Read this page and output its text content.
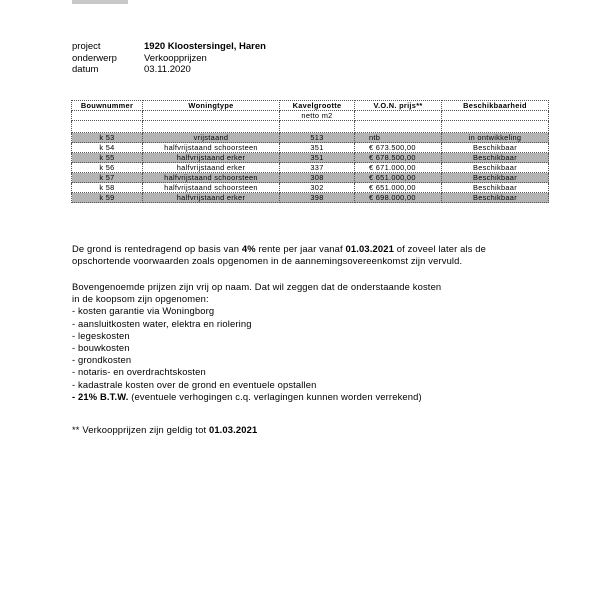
project	1920 Kloostersingel, Haren
onderwerp	Verkoopprijzen
datum	03.11.2020
Bouwnummer	Woningtype	Kavelgrootte	V.O.N. prijs**	Beschikbaarheid
		netto m2		

k 53	vrijstaand	513	ntb	in ontwikkeling
k 54	halfvrijstaand schoorsteen	351	€ 673.500,00	Beschikbaar
k 55	halfvrijstaand erker	351	€ 678.500,00	Beschikbaar
k 56	halfvrijstaand erker	337	€ 671.000,00	Beschikbaar
k 57	halfvrijstaand schoorsteen	308	€ 651.000,00	Beschikbaar
k 58	halfvrijstaand schoorsteen	302	€ 651.000,00	Beschikbaar
k 59	halfvrijstaand erker	398	€ 698.000,00	Beschikbaar
De grond is rentedragend op basis van 4% rente per jaar vanaf 01.03.2021 of zoveel later als de opschortende voorwaarden zoals opgenomen in de aannemingsovereenkomst zijn vervuld.
Bovengenoemde prijzen zijn vrij op naam. Dat wil zeggen dat de onderstaande kosten
in de koopsom zijn opgenomen:
- kosten garantie via Woningborg
- aansluitkosten water, elektra en riolering
- legeskosten
- bouwkosten
- grondkosten
- notaris- en overdrachtskosten
- kadastrale kosten over de grond en eventuele opstallen
- 21% B.T.W. (eventuele verhogingen c.q. verlagingen kunnen worden verrekend)
** Verkoopprijzen zijn geldig tot 01.03.2021
